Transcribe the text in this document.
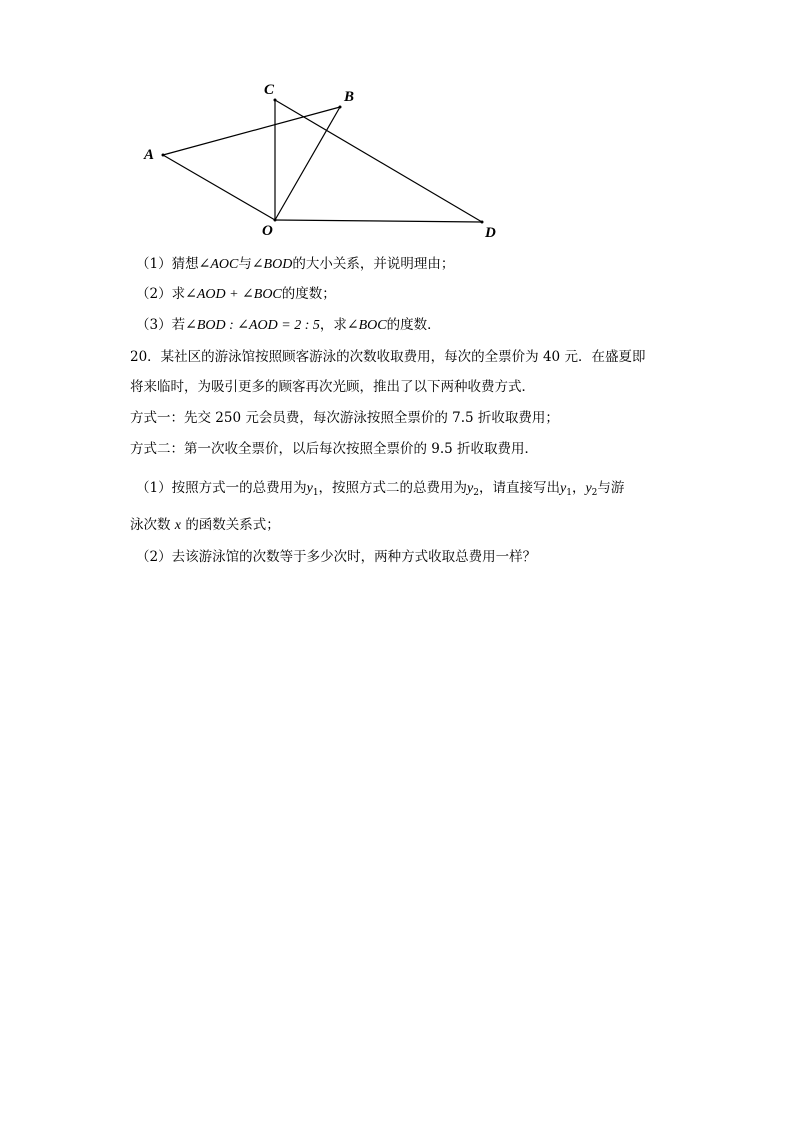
A
B
C
D
O
（1）猜想∠AOC与∠BOD的大小关系，并说明理由；
（2）求∠AOD + ∠BOC的度数；
（3）若∠BOD : ∠AOD = 2 : 5，求∠BOC的度数．
20．某社区的游泳馆按照顾客游泳的次数收取费用，每次的全票价为 40 元．在盛夏即
将来临时，为吸引更多的顾客再次光顾，推出了以下两种收费方式．
方式一：先交 250 元会员费，每次游泳按照全票价的 7.5 折收取费用；
方式二：第一次收全票价，以后每次按照全票价的 9.5 折收取费用．
（1）按照方式一的总费用为$y_1$，按照方式二的总费用为$y_2$，请直接写出$y_1$，$y_2$与游
泳次数 x 的函数关系式；
（2）去该游泳馆的次数等于多少次时，两种方式收取总费用一样？
